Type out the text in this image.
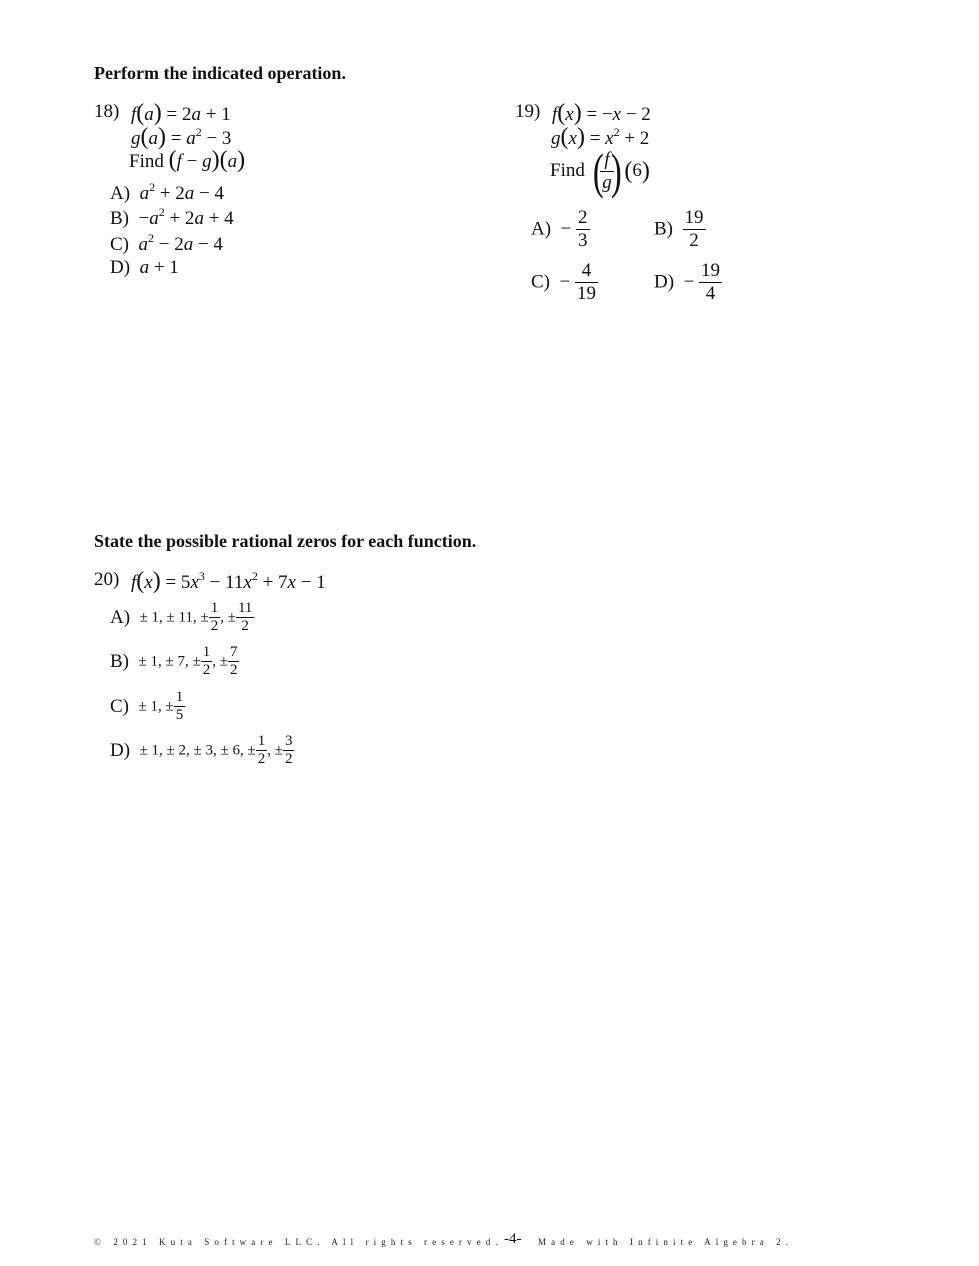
Perform the indicated operation.
18) f(a) = 2a + 1
$g(a) = a^2 - 3$
Find (f − g)(a)
A) $a^2 + 2a - 4$
$B) -a^2 + 2a + 4$
C) $a^2 - 2a - 4$
D) a + 1
19) f(x) = −x − 2
$g(x) = x^2 + 2$
Find (
$\frac{f}{g}$
) (6)
$A) - \frac{2}{3}$	$B) \frac{19}{2}$
$C) - \frac{4}{19}$	$D) - \frac{19}{4}$
State the possible rational zeros for each function.
20) $f(x) = 5x^3 - 11x^2 + 7x - 1$
A) ± 1, ± 11, ± $\frac{1}{2}$ , ± $\frac{11}{2}$
B) ± 1, ± 7, ± $\frac{1}{2}$ , ± $\frac{7}{2}$
C) ± 1, ± $\frac{1}{5}$
D) ± 1, ± 2, ± 3, ± 6, ± $\frac{1}{2}$ , ± $\frac{3}{2}$
© 2021 Kuta Software LLC. All rights reserved. -4- Made with Infinite Algebra 2.
